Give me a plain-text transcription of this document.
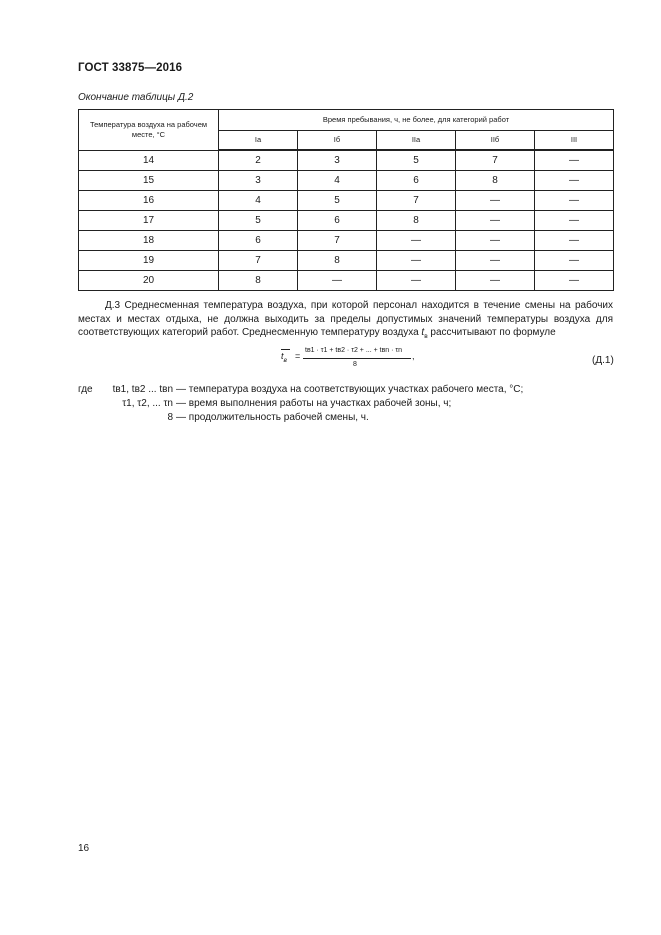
ГОСТ 33875—2016
Окончание таблицы Д.2
Температура воздуха на рабочем месте, °С	Время пребывания, ч, не более, для категорий работ				
	Iа	Iб	IIа	IIб	III
14	2	3	5	7	—
15	3	4	6	8	—
16	4	5	7	—	—
17	5	6	8	—	—
18	6	7	—	—	—
19	7	8	—	—	—
20	8	—	—	—	—
Д.3 Среднесменная температура воздуха, при которой персонал находится в течение смены на рабочих местах и местах отдыха, не должна выходить за пределы допустимых значений температуры воздуха для соответствующих категорий работ. Среднесменную температуру воздуха $t_в$ рассчитывают по формуле
$t_в$ =
tв1 · τ1 + tв2 · τ2 + ... + tвn · τn
8
,	(Д.1)
где	tв1, tв2 ... tвn — температура воздуха на соответствующих участках рабочего места, °С;
τ1, τ2, ... τn — время выполнения работы на участках рабочей зоны, ч;
8 — продолжительность рабочей смены, ч.
16
